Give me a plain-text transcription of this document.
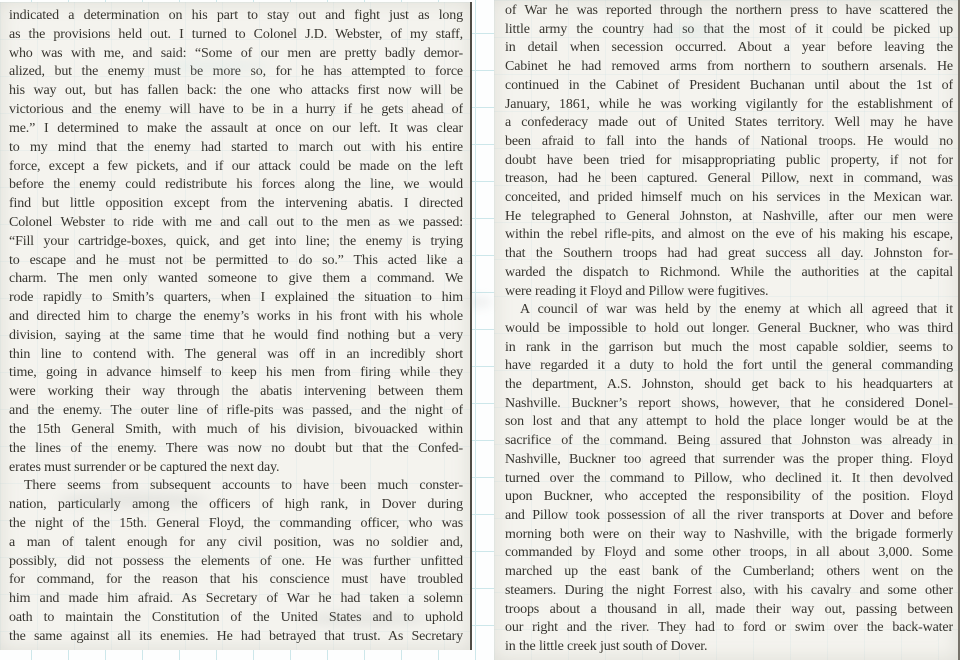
indicated a determination on his part to stay out and fight just as long
as the provisions held out. I turned to Colonel J.D. Webster, of my staff,
who was with me, and said: “Some of our men are pretty badly demor-
alized, but the enemy must be more so, for he has attempted to force
his way out, but has fallen back: the one who attacks first now will be
victorious and the enemy will have to be in a hurry if he gets ahead of
me.” I determined to make the assault at once on our left. It was clear
to my mind that the enemy had started to march out with his entire
force, except a few pickets, and if our attack could be made on the left
before the enemy could redistribute his forces along the line, we would
find but little opposition except from the intervening abatis. I directed
Colonel Webster to ride with me and call out to the men as we passed:
“Fill your cartridge-boxes, quick, and get into line; the enemy is trying
to escape and he must not be permitted to do so.” This acted like a
charm. The men only wanted someone to give them a command. We
rode rapidly to Smith’s quarters, when I explained the situation to him
and directed him to charge the enemy’s works in his front with his whole
division, saying at the same time that he would find nothing but a very
thin line to contend with. The general was off in an incredibly short
time, going in advance himself to keep his men from firing while they
were working their way through the abatis intervening between them
and the enemy. The outer line of rifle-pits was passed, and the night of
the 15th General Smith, with much of his division, bivouacked within
the lines of the enemy. There was now no doubt but that the Confed-
erates must surrender or be captured the next day.
There seems from subsequent accounts to have been much conster-
nation, particularly among the officers of high rank, in Dover during
the night of the 15th. General Floyd, the commanding officer, who was
a man of talent enough for any civil position, was no soldier and,
possibly, did not possess the elements of one. He was further unfitted
for command, for the reason that his conscience must have troubled
him and made him afraid. As Secretary of War he had taken a solemn
oath to maintain the Constitution of the United States and to uphold
the same against all its enemies. He had betrayed that trust. As Secretary
of War he was reported through the northern press to have scattered the
little army the country had so that the most of it could be picked up
in detail when secession occurred. About a year before leaving the
Cabinet he had removed arms from northern to southern arsenals. He
continued in the Cabinet of President Buchanan until about the 1st of
January, 1861, while he was working vigilantly for the establishment of
a confederacy made out of United States territory. Well may he have
been afraid to fall into the hands of National troops. He would no
doubt have been tried for misappropriating public property, if not for
treason, had he been captured. General Pillow, next in command, was
conceited, and prided himself much on his services in the Mexican war.
He telegraphed to General Johnston, at Nashville, after our men were
within the rebel rifle-pits, and almost on the eve of his making his escape,
that the Southern troops had had great success all day. Johnston for-
warded the dispatch to Richmond. While the authorities at the capital
were reading it Floyd and Pillow were fugitives.
A council of war was held by the enemy at which all agreed that it
would be impossible to hold out longer. General Buckner, who was third
in rank in the garrison but much the most capable soldier, seems to
have regarded it a duty to hold the fort until the general commanding
the department, A.S. Johnston, should get back to his headquarters at
Nashville. Buckner’s report shows, however, that he considered Donel-
son lost and that any attempt to hold the place longer would be at the
sacrifice of the command. Being assured that Johnston was already in
Nashville, Buckner too agreed that surrender was the proper thing. Floyd
turned over the command to Pillow, who declined it. It then devolved
upon Buckner, who accepted the responsibility of the position. Floyd
and Pillow took possession of all the river transports at Dover and before
morning both were on their way to Nashville, with the brigade formerly
commanded by Floyd and some other troops, in all about 3,000. Some
marched up the east bank of the Cumberland; others went on the
steamers. During the night Forrest also, with his cavalry and some other
troops about a thousand in all, made their way out, passing between
our right and the river. They had to ford or swim over the back-water
in the little creek just south of Dover.
